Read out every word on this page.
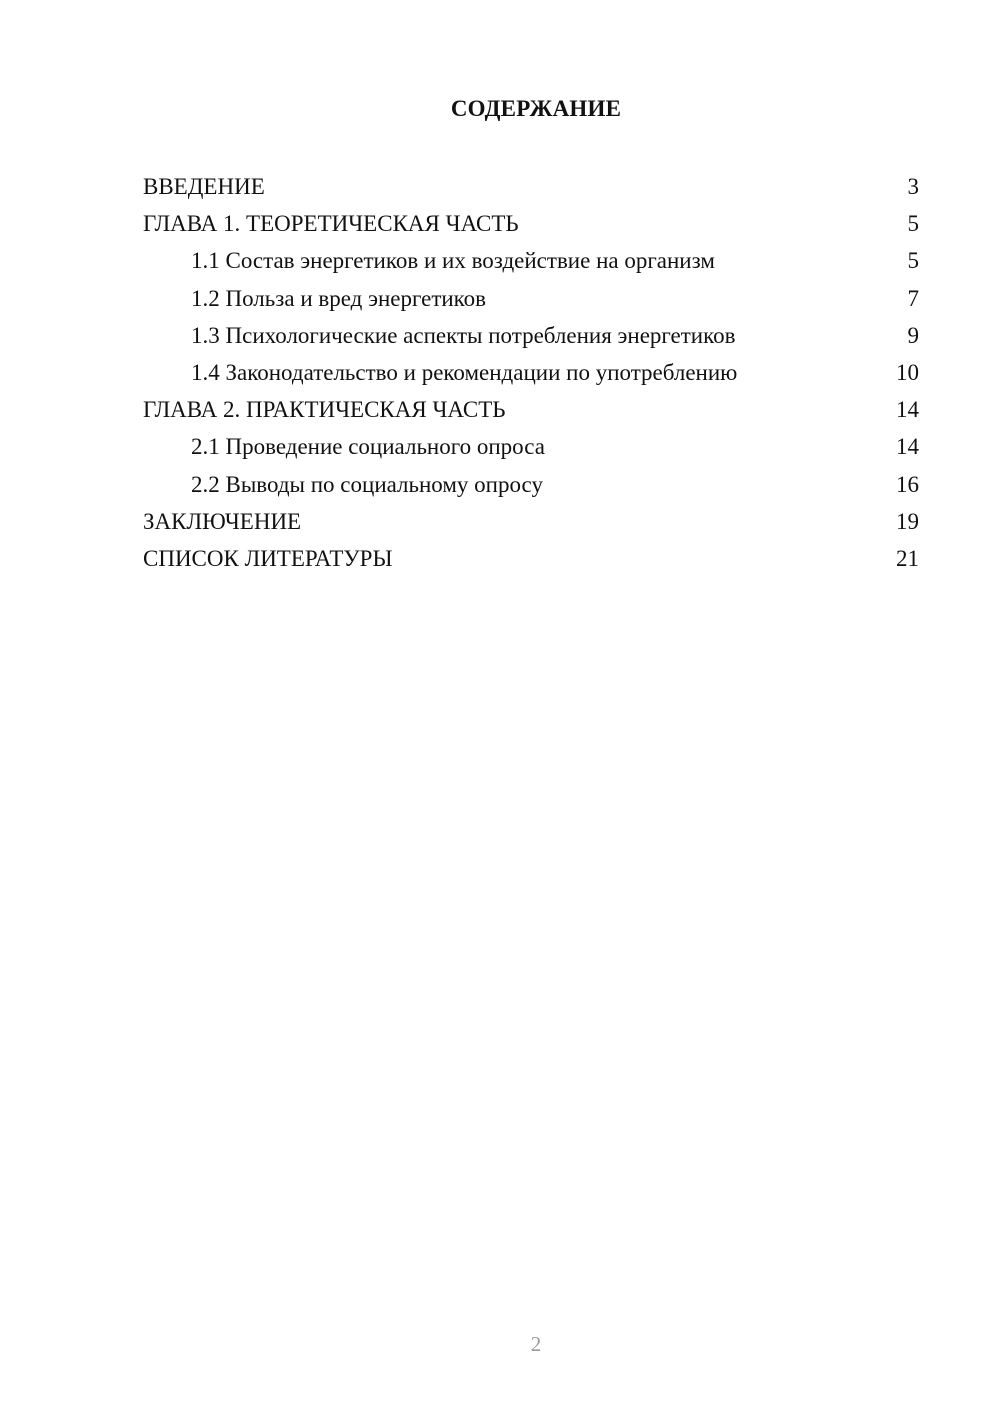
СОДЕРЖАНИЕ
ВВЕДЕНИЕ	3
ГЛАВА 1. ТЕОРЕТИЧЕСКАЯ ЧАСТЬ	5
1.1 Состав энергетиков и их воздействие на организм	5
1.2 Польза и вред энергетиков	7
1.3 Психологические аспекты потребления энергетиков	9
1.4 Законодательство и рекомендации по употреблению	10
ГЛАВА 2. ПРАКТИЧЕСКАЯ ЧАСТЬ	14
2.1 Проведение социального опроса	14
2.2 Выводы по социальному опросу	16
ЗАКЛЮЧЕНИЕ	19
СПИСОК ЛИТЕРАТУРЫ	21
2
